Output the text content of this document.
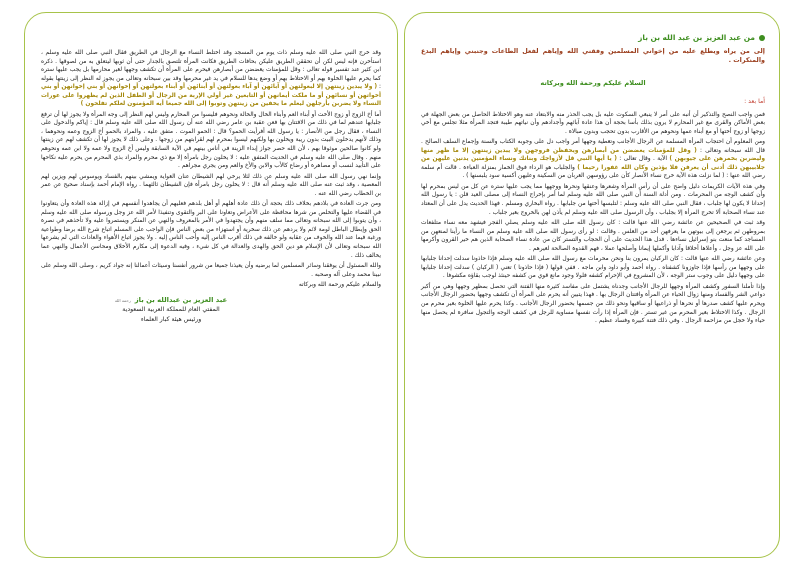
وقد خرج النبي صلى الله عليه وسلم ذات يوم من المسجد وقد اختلط النساء مع الرجال في الطريق فقال النبي صلى الله عليه وسلم ، استأخرن فإنه ليس لكن أن تحققن الطريق عليكن بحافات الطريق فكانت المرأة تلتصق بالجدار حتى أن ثوبها ليتعلق به من لصوقها . ذكره ابن كثير عند تفسير قوله تعالى : وقل للمؤمنات يغضضن من أبصارهن فيحرم على المرأة أن تكشف وجهها لغير محارمها بل يجب عليها ستره كما يحرم عليها الخلوة بهم أو الاختلاط بهم أو وضع يدها للسلام في يد غير محرمها وقد بين سبحانه وتعالى من يجوز له النظر إلى زينتها بقوله : ( ولا يبدين زينتهن إلا لبعولتهن أو آبائهن أو آباء بعولتهن أو أبنائهن أو أبناء بعولتهن أو إخوانهن أو بني إخوانهن أو بني أخواتهن أو نسائهن أو ما ملكت أيمانهن أو التابعين غير أولي الإربة من الرجال أو الطفل الذين لم يظهروا على عورات النساء ولا يضربن بأرجلهن ليعلم ما يخفين من زينتهن وتوبوا إلى الله جميعا أيه المؤمنون لعلكم تفلحون )

أما أخ الزوج أو زوج الأخت أو أبناء العم وأبناء الخال والخالة ونحوهم فليسوا من المحارم وليس لهم النظر إلى وجه المرأة ولا يجوز لها أن ترفع جلبابها عندهم لما في ذلك من الافتتان بها فعن عقبة بن عامر رضي الله عنه أن رسول الله صلى الله عليه وسلم قال : إياكم والدخول على النساء ، فقال رجل من الأنصار : يا رسول الله أفرأيت الحمو؟ قال : الحمو الموت . متفق عليه ، والمراد بالحمو أخ الزوج وعمه ونحوهما ، وذلك لأنهم يدخلون البيت بدون ريبة ويخلون بها ولكنهم ليسوا بمحرم لهم لقرابتهم من زوجها . وعلى ذلك لا يجوز لها أن تكشف لهم عن زينتها ولو كانوا صالحين موثوقا بهم ، لأن الله حصر جواز إبداء الزينة في أناس بينهم في الآية السابقة وليس أخ الزوج ولا عمه ولا ابن عمه ونحوهم منهم . وقال صلى الله عليه وسلم في الحديث المتفق عليه : لا يخلون رجل بامرأة إلا مع ذي محرم والمراد بذي المحرم من يحرم عليه نكاحها على التأبيد لنسب أو مصاهرة أو رضاع كالأب والابن والأخ والعم ومن يجري مجراهم .

وإنما نهي رسول الله صلى الله عليه وسلم عن ذلك لئلا يرخي لهم الشيطان عنان الغواية ويمشي بينهم بالفساد ويوسوس لهم ويزين لهم المعصية ، وقد ثبت عنه صلى الله عليه وسلم أنه قال : لا يخلون رجل بامرأة فإن الشيطان ثالثهما . رواه الإمام أحمد بإسناد صحيح عن عمر بن الخطاب رضي الله عنه .

ومن جرت العادة في بلادهم بخلاف ذلك بحجة أن ذلك عادة أهلهم أو أهل بلدهم فعليهم أن يجاهدوا أنفسهم في إزالة هذه العادة وأن يتعاونوا في القضاء عليها والتخلص من شرها محافظة على الأعراض وتعاونا على البر والتقوى وتنفيذا لأمر الله عز وجل ورسوله صلى الله عليه وسلم ، وأن يتوبوا إلى الله سبحانه وتعالى مما سلف منهم وأن يجتهدوا في الأمر بالمعروف والنهي عن المنكر ويستمروا عليه ولا تأخذهم في نصرة الحق وإبطال الباطل لومة لائم ولا يردهم عن ذلك سخرية أو استهزاء من بعض الناس فإن الواجب على المسلم اتباع شرع الله برضا وطواعية ورغبة فيما عند الله والخوف من عقابه ولو خالفه في ذلك أقرب الناس إليه وأحب الناس إليه . ولا يجوز اتباع الأهواء والعادات التي لم يشرعها الله سبحانه وتعالى لأن الإسلام هو دين الحق والهدى والعدالة في كل شيء ، وفيه الدعوة إلى مكارم الأخلاق ومحاسن الأعمال والنهي عما يخالف ذلك .

والله المسئول أن يوفقنا وسائر المسلمين لما يرضيه وأن يعيذنا جميعا من شرور أنفسنا وسيئات أعمالنا إنه جواد كريم ، وصلى الله وسلم على نبينا محمد وعلى آله وصحبه .

والسلام عليكم ورحمة الله وبركاته

عبد العزيز بن عبدالله بن بازرحمه الله
المفتي العام للمملكة العربية السعودية
ورئيس هيئة كبار العلماء

من عبد العزيز بن عبد الله بن باز

إلى من يراه ويطلع عليه من إخواني المسلمين وفقني الله وإياهم لفعل الطاعات وجنبني وإياهم البدع والمنكرات .

السلام عليكم ورحمة الله وبركاته

أما بعد :

فمن واجب النصح والتذكير أن أنبه على أمر لا ينبغي السكوت عليه بل يجب الحذر منه والابتعاد عنه وهو الاختلاط الحاصل من بعض الجهلة في بعض الأماكن والقرى مع غير المحارم لا يرون بذلك بأسا بحجة أن هذا عادة آبائهم وأجدادهم وأن نياتهم طيبة فتجد المرأة مثلا تجلس مع أخي زوجها أو زوج أختها أو مع أبناء عمها ونحوهم من الأقارب بدون تحجب وبدون مبالاة .

ومن المعلوم أن احتجاب المرأة المسلمة عن الرجال الأجانب وتغطية وجهها أمر واجب دل على وجوبه الكتاب والسنة وإجماع السلف الصالح . قال الله سبحانه وتعالى : ( وقل للمؤمنات يغضضن من أبصارهن ويحفظن فروجهن ولا يبدين زينتهن إلا ما ظهر منها وليضربن بخمرهن على جيوبهن ) الآية . وقال تعالى : ( يا أيها النبي قل لأزواجك وبناتك ونساء المؤمنين يدنين عليهن من جلابيبهن ذلك أدنى أن يعرفن فلا يؤذين وكان الله غفورا رحيما ) والجلباب هو الرداء فوق الخمار بمنزلة العباءة . قالت أم سلمة رضي الله عنها : ( لما نزلت هذه الآية خرج نساء الأنصار كأن على رؤوسهن الغربان من السكينة وعليهن أكسية سود يلبسنها ) .

وفي هذه الآيات الكريمات دليل واضح على أن رأس المرأة وشعرها وعنقها ونحرها ووجهها مما يجب عليها ستره عن كل من ليس بمحرم لها وأن كشف الوجه من المحرمات . ومن أدلة السنة أن النبي صلى الله عليه وسلم لما أمر بإخراج النساء إلى مصلى العيد قلن : يا رسول الله إحدانا لا يكون لها جلباب ، فقال النبي صلى الله عليه وسلم : لتلبسها أختها من جلبابها . رواه البخاري ومسلم . فهذا الحديث يدل على أن المعتاد عند نساء الصحابة ألا تخرج المرأة إلا بجلباب ، وأن الرسول صلى الله عليه وسلم لم يأذن لهن بالخروج بغير جلباب .

وقد ثبت في الصحيحين عن عائشة رضي الله عنها قالت : كان رسول الله صلى الله عليه وسلم يصلي الفجر فيشهد معه نساء متلفعات بمروطهن ثم يرجعن إلى بيوتهن ما يعرفهن أحد من الغلس . وقالت : لو رأى رسول الله صلى الله عليه وسلم من النساء ما رأينا لمنعهن من المساجد كما منعت بنو إسرائيل نساءها . فدل هذا الحديث على أن الحجاب والتستر كان من عادة نساء الصحابة الذين هم خير القرون وأكرمها على الله عز وجل ، وأعلاها أخلاقا وآدابا وأكملها إيمانا وأصلحها عملا ، فهم القدوة الصالحة لغيرهم .

وعن عائشة رضي الله عنها قالت : كان الركبان يمرون بنا ونحن محرمات مع رسول الله صلى الله عليه وسلم فإذا حاذونا سدلت إحدانا جلبابها على وجهها من رأسها فإذا جاوزونا كشفناه . رواه أحمد وأبو داود وابن ماجه . ففي قولها ( فإذا حاذونا ) تعني ( الركبان ) سدلت إحدانا جلبابها على وجهها دليل على وجوب ستر الوجه ، لأن المشروع في الإحرام كشفه فلولا وجود مانع قوي من كشفه حينئذ لوجب بقاؤه مكشوفا .

وإذا تأملنا السفور وكشف المرأة وجهها للرجال الأجانب وجدناه يشتمل على مفاسد كثيرة منها الفتنة التي تحصل بمظهر وجهها وهي من أكبر دواعي الشر والفساد ومنها زوال الحياء عن المرأة وافتتان الرجال بها . فهذا يتبين أنه يحرم على المرأة أن تكشف وجهها بحضور الرجال الأجانب ويحرم عليها كشف صدرها أو نحرها أو ذراعيها أو ساقيها ونحو ذلك من جسمها بحضور الرجال الأجانب . وكذا يحرم عليها الخلوة بغير محرم من الرجال . وكذا الاختلاط بغير المحرم من غير تستر . فإن المرأة إذا رأت نفسها مساوية للرجل في كشف الوجه والتجول سافرة لم يحصل منها حياء ولا خجل من مزاحمة الرجال . وفي ذلك فتنة كبيرة وفساد عظيم .
